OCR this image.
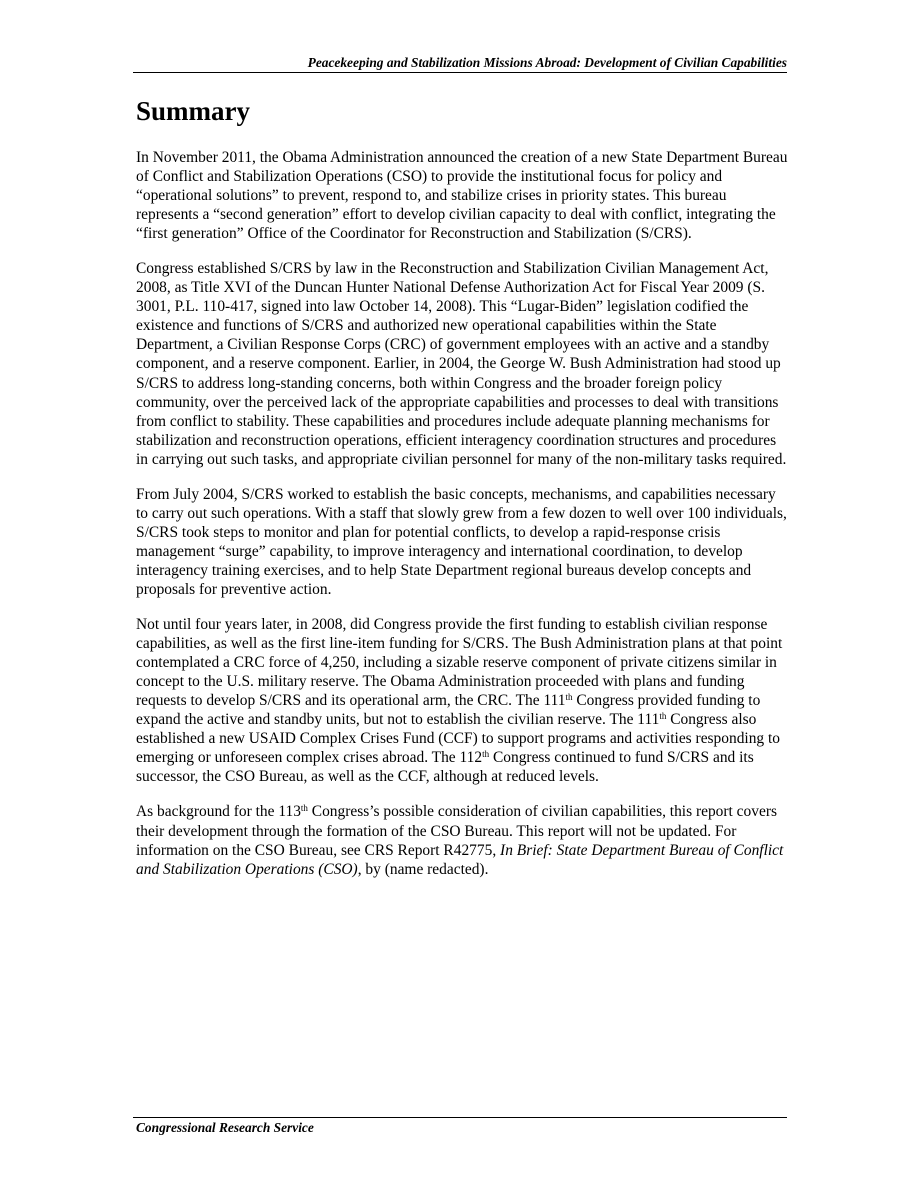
Peacekeeping and Stabilization Missions Abroad: Development of Civilian Capabilities
Summary

In November 2011, the Obama Administration announced the creation of a new State Department Bureau of Conflict and Stabilization Operations (CSO) to provide the institutional focus for policy and “operational solutions” to prevent, respond to, and stabilize crises in priority states. This bureau represents a “second generation” effort to develop civilian capacity to deal with conflict, integrating the “first generation” Office of the Coordinator for Reconstruction and Stabilization (S/CRS).

Congress established S/CRS by law in the Reconstruction and Stabilization Civilian Management Act, 2008, as Title XVI of the Duncan Hunter National Defense Authorization Act for Fiscal Year 2009 (S. 3001, P.L. 110-417, signed into law October 14, 2008). This “Lugar-Biden” legislation codified the existence and functions of S/CRS and authorized new operational capabilities within the State Department, a Civilian Response Corps (CRC) of government employees with an active and a standby component, and a reserve component. Earlier, in 2004, the George W. Bush Administration had stood up S/CRS to address long-standing concerns, both within Congress and the broader foreign policy community, over the perceived lack of the appropriate capabilities and processes to deal with transitions from conflict to stability. These capabilities and procedures include adequate planning mechanisms for stabilization and reconstruction operations, efficient interagency coordination structures and procedures in carrying out such tasks, and appropriate civilian personnel for many of the non-military tasks required.

From July 2004, S/CRS worked to establish the basic concepts, mechanisms, and capabilities necessary to carry out such operations. With a staff that slowly grew from a few dozen to well over 100 individuals, S/CRS took steps to monitor and plan for potential conflicts, to develop a rapid-response crisis management “surge” capability, to improve interagency and international coordination, to develop interagency training exercises, and to help State Department regional bureaus develop concepts and proposals for preventive action.

Not until four years later, in 2008, did Congress provide the first funding to establish civilian response capabilities, as well as the first line-item funding for S/CRS. The Bush Administration plans at that point contemplated a CRC force of 4,250, including a sizable reserve component of private citizens similar in concept to the U.S. military reserve. The Obama Administration proceeded with plans and funding requests to develop S/CRS and its operational arm, the CRC. The 111th Congress provided funding to expand the active and standby units, but not to establish the civilian reserve. The 111th Congress also established a new USAID Complex Crises Fund (CCF) to support programs and activities responding to emerging or unforeseen complex crises abroad. The 112th Congress continued to fund S/CRS and its successor, the CSO Bureau, as well as the CCF, although at reduced levels.

As background for the 113th Congress’s possible consideration of civilian capabilities, this report covers their development through the formation of the CSO Bureau. This report will not be updated. For information on the CSO Bureau, see CRS Report R42775, In Brief: State Department Bureau of Conflict and Stabilization Operations (CSO), by (name redacted).

Congressional Research Service
